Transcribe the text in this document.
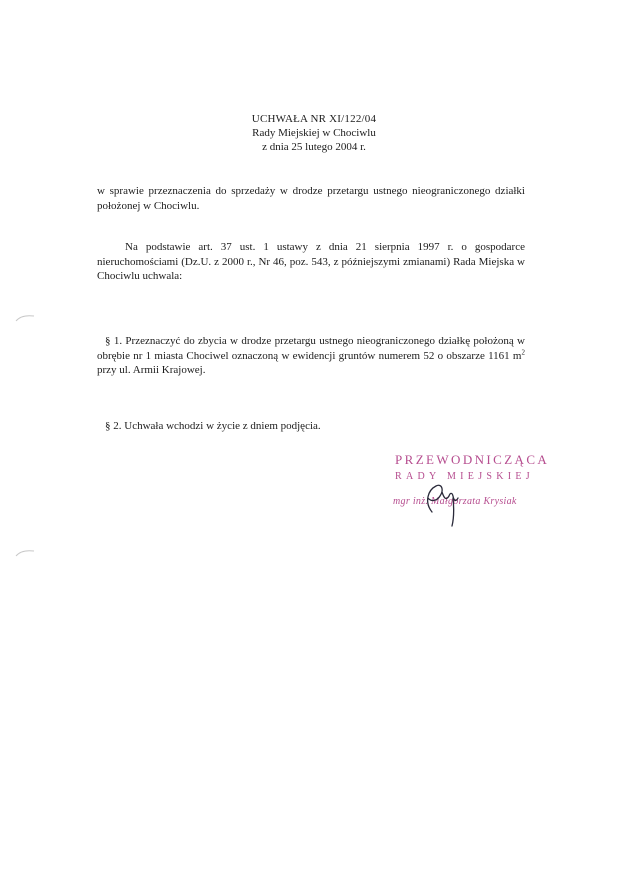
UCHWAŁA NR XI/122/04
Rady Miejskiej w Chociwlu
z dnia 25 lutego 2004 r.
w sprawie przeznaczenia do sprzedaży w drodze przetargu ustnego nieograniczonego działki położonej w Chociwlu.
Na podstawie art. 37 ust. 1 ustawy z dnia 21 sierpnia 1997 r. o gospodarce nieruchomościami (Dz.U. z 2000 r., Nr 46, poz. 543, z późniejszymi zmianami) Rada Miejska w Chociwlu uchwala:
§ 1. Przeznaczyć do zbycia w drodze przetargu ustnego nieograniczonego działkę położoną w obrębie nr 1 miasta Chociwel oznaczoną w ewidencji gruntów numerem 52 o obszarze 1161 $m^2$ przy ul. Armii Krajowej.
§ 2. Uchwała wchodzi w życie z dniem podjęcia.
PRZEWODNICZĄCA
RADY MIEJSKIEJ
mgr inż. Małgorzata Krysiak
